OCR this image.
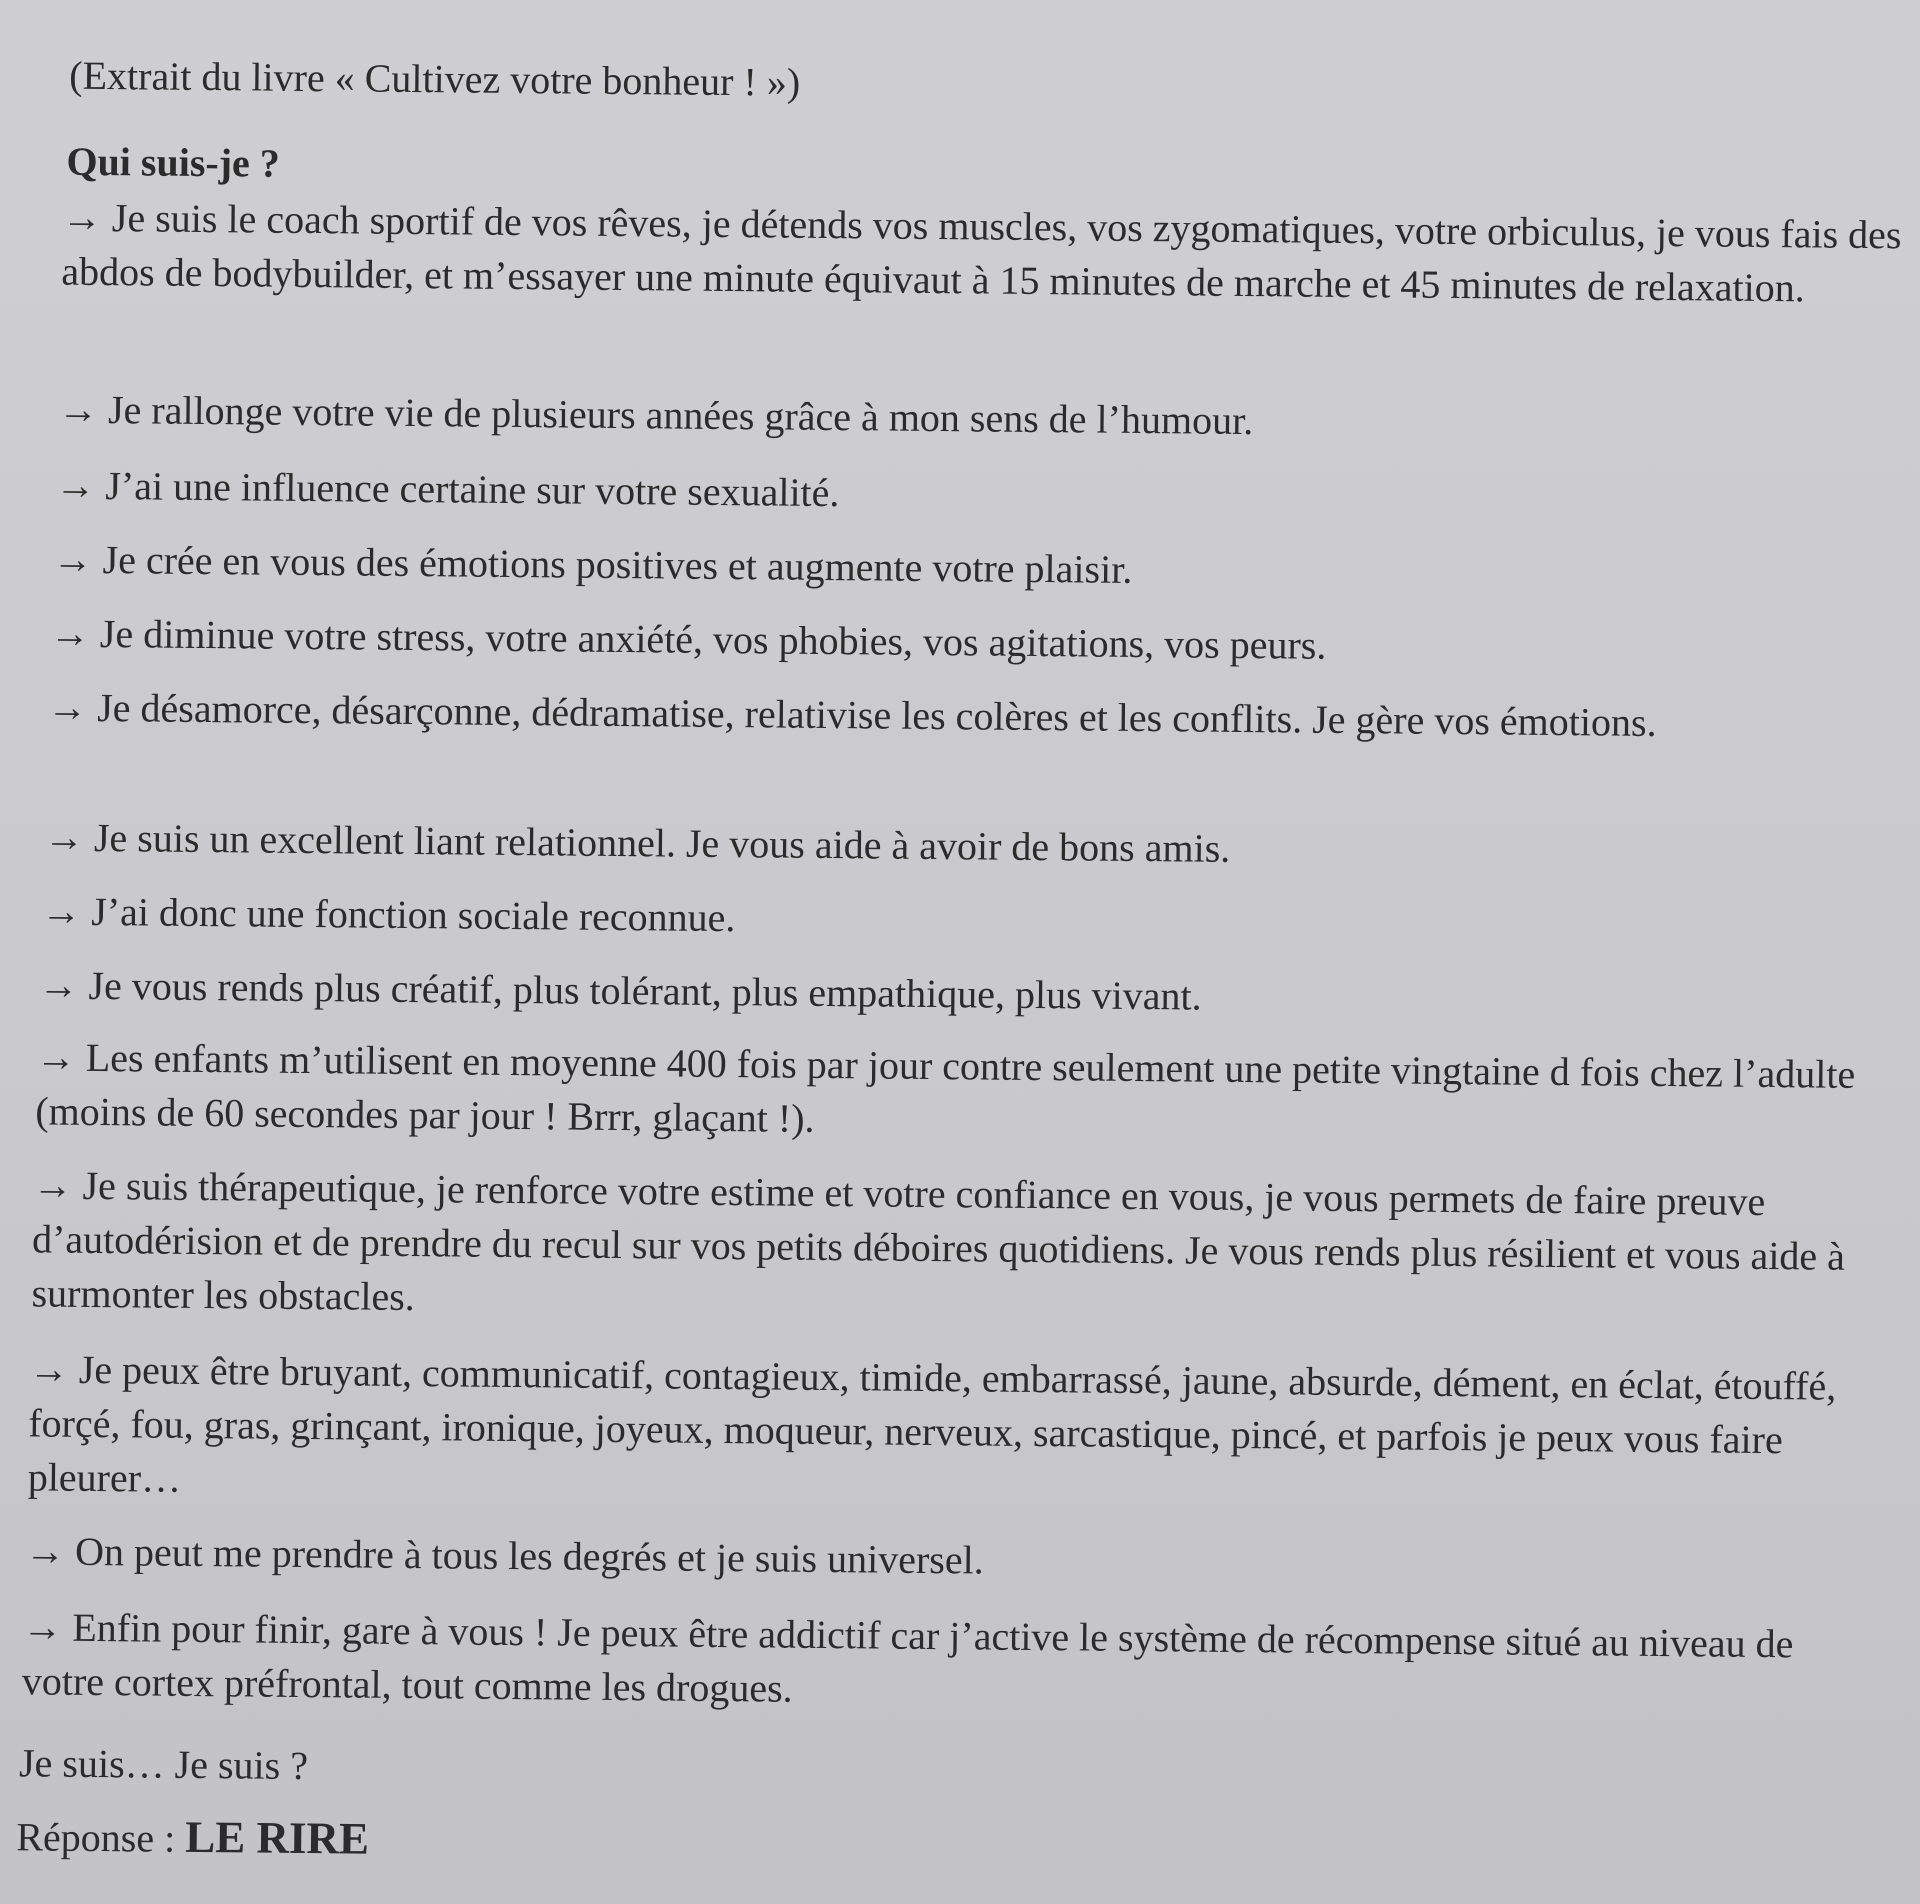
(Extrait du livre « Cultivez votre bonheur ! »)

Qui suis-je ?

→ Je suis le coach sportif de vos rêves, je détends vos muscles, vos zygomatiques, votre orbiculus, je vous fais des abdos de bodybuilder, et m’essayer une minute équivaut à 15 minutes de marche et 45 minutes de relaxation.

→ Je rallonge votre vie de plusieurs années grâce à mon sens de l’humour.

→ J’ai une influence certaine sur votre sexualité.

→ Je crée en vous des émotions positives et augmente votre plaisir.

→ Je diminue votre stress, votre anxiété, vos phobies, vos agitations, vos peurs.

→ Je désamorce, désarçonne, dédramatise, relativise les colères et les conflits. Je gère vos émotions.

→ Je suis un excellent liant relationnel. Je vous aide à avoir de bons amis.

→ J’ai donc une fonction sociale reconnue.

→ Je vous rends plus créatif, plus tolérant, plus empathique, plus vivant.

→ Les enfants m’utilisent en moyenne 400 fois par jour contre seulement une petite vingtaine d fois chez l’adulte (moins de 60 secondes par jour ! Brrr, glaçant !).

→ Je suis thérapeutique, je renforce votre estime et votre confiance en vous, je vous permets de faire preuve d’autodérision et de prendre du recul sur vos petits déboires quotidiens. Je vous rends plus résilient et vous aide à surmonter les obstacles.

→ Je peux être bruyant, communicatif, contagieux, timide, embarrassé, jaune, absurde, dément, en éclat, étouffé, forçé, fou, gras, grinçant, ironique, joyeux, moqueur, nerveux, sarcastique, pincé, et parfois je peux vous faire pleurer…

→ On peut me prendre à tous les degrés et je suis universel.

→ Enfin pour finir, gare à vous ! Je peux être addictif car j’active le système de récompense situé au niveau de votre cortex préfrontal, tout comme les drogues.

Je suis… Je suis ?

Réponse : LE RIRE
